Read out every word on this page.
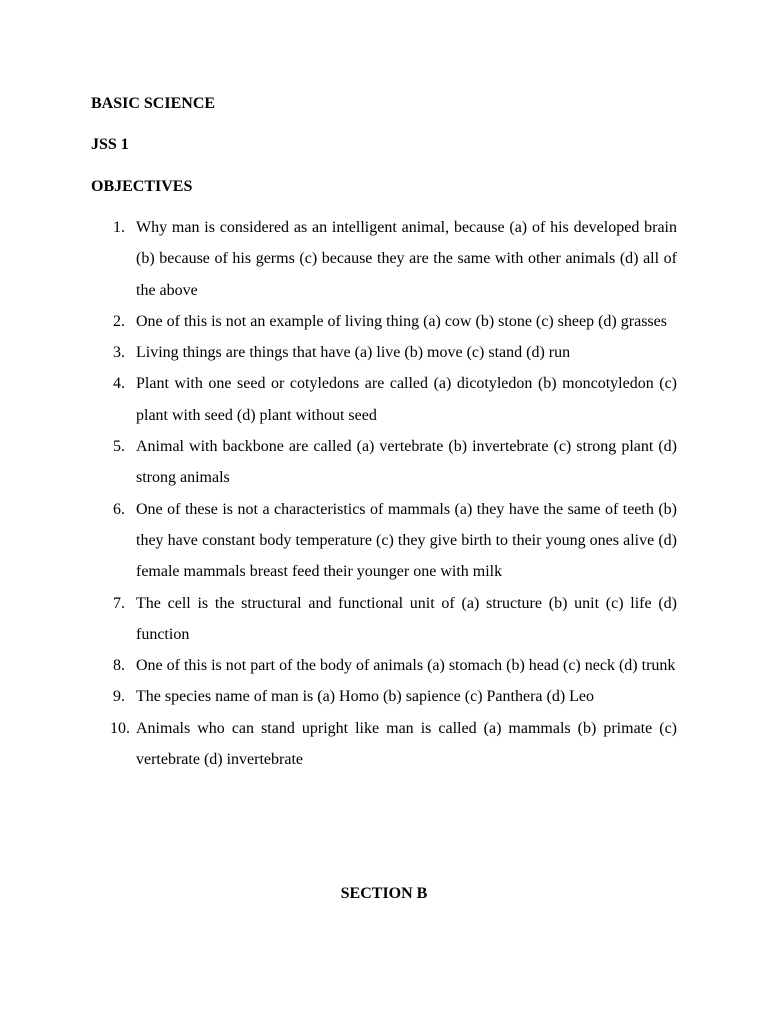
BASIC SCIENCE

JSS 1

OBJECTIVES

1. Why man is considered as an intelligent animal, because (a) of his developed brain (b) because of his germs (c) because they are the same with other animals (d) all of the above
2. One of this is not an example of living thing (a) cow (b) stone (c) sheep (d) grasses
3. Living things are things that have (a) live (b) move (c) stand (d) run
4. Plant with one seed or cotyledons are called (a) dicotyledon (b) moncotyledon (c) plant with seed (d) plant without seed
5. Animal with backbone are called (a) vertebrate (b) invertebrate (c) strong plant (d) strong animals
6. One of these is not a characteristics of mammals (a) they have the same of teeth (b) they have constant body temperature (c) they give birth to their young ones alive (d) female mammals breast feed their younger one with milk
7. The cell is the structural and functional unit of (a) structure (b) unit (c) life (d) function
8. One of this is not part of the body of animals (a) stomach (b) head (c) neck (d) trunk
9. The species name of man is (a) Homo (b) sapience (c) Panthera (d) Leo
10. Animals who can stand upright like man is called (a) mammals (b) primate (c) vertebrate (d) invertebrate

SECTION B
